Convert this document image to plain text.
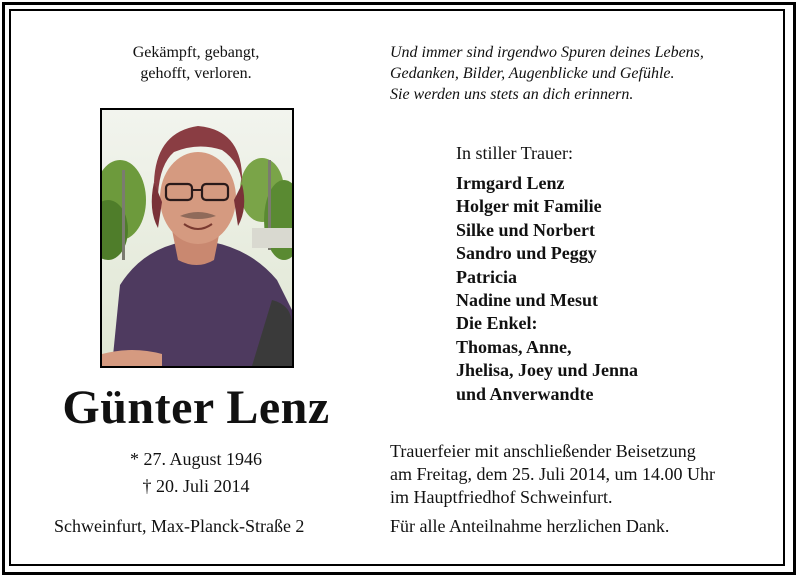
Gekämpft, gebangt,
gehofft, verloren.
Und immer sind irgendwo Spuren deines Lebens,
Gedanken, Bilder, Augenblicke und Gefühle.
Sie werden uns stets an dich erinnern.
In stiller Trauer:
Irmgard Lenz
Holger mit Familie
Silke und Norbert
Sandro und Peggy
Patricia
Nadine und Mesut
Die Enkel:
Thomas, Anne,
Jhelisa, Joey und Jenna
und Anverwandte
Günter Lenz
* 27. August 1946
† 20. Juli 2014
Schweinfurt, Max-Planck-Straße 2
Trauerfeier mit anschließender Beisetzung
am Freitag, dem 25. Juli 2014, um 14.00 Uhr
im Hauptfriedhof Schweinfurt.
Für alle Anteilnahme herzlichen Dank.
